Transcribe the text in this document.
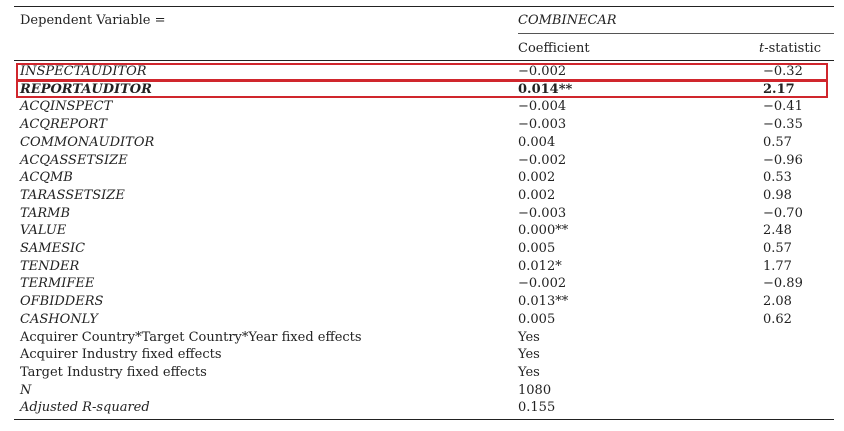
Dependent Variable =	COMBINECAR
Coefficient	t-statistic
INSPECTAUDITOR	−0.002	−0.32
REPORTAUDITOR	0.014**	2.17
ACQINSPECT	−0.004	−0.41
ACQREPORT	−0.003	−0.35
COMMONAUDITOR	0.004	0.57
ACQASSETSIZE	−0.002	−0.96
ACQMB	0.002	0.53
TARASSETSIZE	0.002	0.98
TARMB	−0.003	−0.70
VALUE	0.000**	2.48
SAMESIC	0.005	0.57
TENDER	0.012*	1.77
TERMIFEE	−0.002	−0.89
OFBIDDERS	0.013**	2.08
CASHONLY	0.005	0.62
Acquirer Country*Target Country*Year fixed effects	Yes
Acquirer Industry fixed effects	Yes
Target Industry fixed effects	Yes
N	1080
Adjusted R-squared	0.155
